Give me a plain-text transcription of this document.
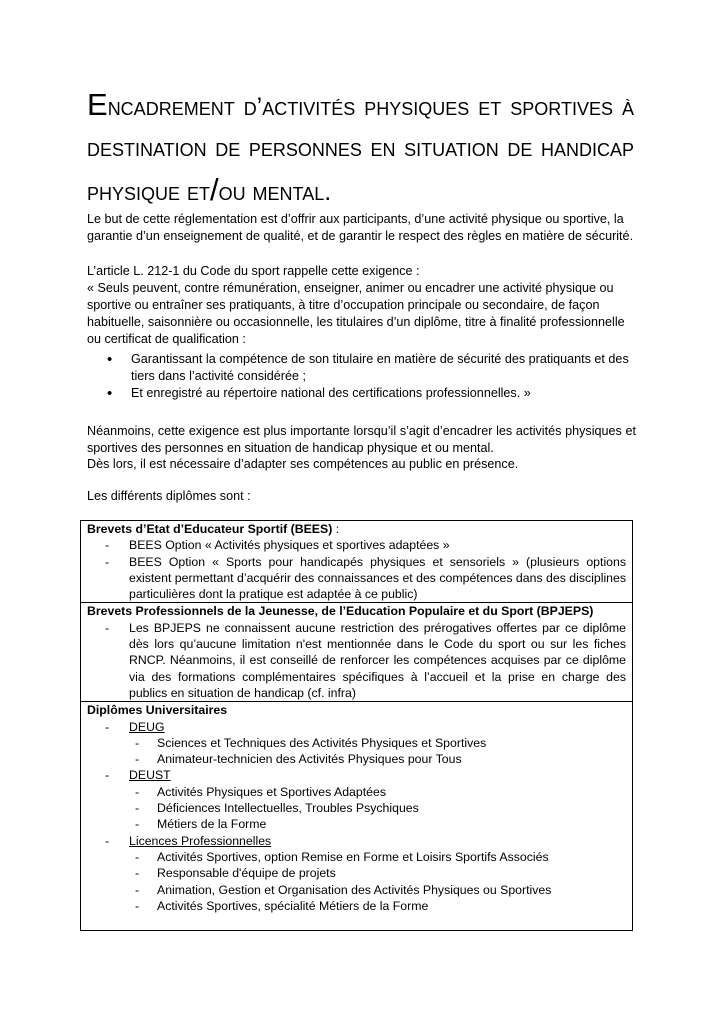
Encadrement d’activités physiques et sportives à destination de personnes en situation de handicap physique et/ou mental.

Le but de cette réglementation est d’offrir aux participants, d’une activité physique ou sportive, la garantie d’un enseignement de qualité, et de garantir le respect des règles en matière de sécurité.

L’article L. 212-1 du Code du sport rappelle cette exigence :

« Seuls peuvent, contre rémunération, enseigner, animer ou encadrer une activité physique ou sportive ou entraîner ses pratiquants, à titre d’occupation principale ou secondaire, de façon habituelle, saisonnière ou occasionnelle, les titulaires d’un diplôme, titre à finalité professionnelle ou certificat de qualification :

• Garantissant la compétence de son titulaire en matière de sécurité des pratiquants et des tiers dans l’activité considérée ;
• Et enregistré au répertoire national des certifications professionnelles. »

Néanmoins, cette exigence est plus importante lorsqu’il s’agit d’encadrer les activités physiques et sportives des personnes en situation de handicap physique et ou mental.

Dès lors, il est nécessaire d’adapter ses compétences au public en présence.

Les différents diplômes sont :

Brevets d’Etat d’Educateur Sportif (BEES) :
- BEES Option « Activités physiques et sportives adaptées »
- BEES Option « Sports pour handicapés physiques et sensoriels » (plusieurs options existent permettant d’acquérir des connaissances et des compétences dans des disciplines particulières dont la pratique est adaptée à ce public)
Brevets Professionnels de la Jeunesse, de l’Education Populaire et du Sport (BPJEPS)
- Les BPJEPS ne connaissent aucune restriction des prérogatives offertes par ce diplôme dès lors qu’aucune limitation n'est mentionnée dans le Code du sport ou sur les fiches RNCP. Néanmoins, il est conseillé de renforcer les compétences acquises par ce diplôme via des formations complémentaires spécifiques à l’accueil et la prise en charge des publics en situation de handicap (cf. infra)
Diplômes Universitaires
- DEUG
- Sciences et Techniques des Activités Physiques et Sportives
- Animateur-technicien des Activités Physiques pour Tous
- DEUST
- Activités Physiques et Sportives Adaptées
- Déficiences Intellectuelles, Troubles Psychiques
- Métiers de la Forme
- Licences Professionnelles
- Activités Sportives, option Remise en Forme et Loisirs Sportifs Associés
- Responsable d'équipe de projets
- Animation, Gestion et Organisation des Activités Physiques ou Sportives
- Activités Sportives, spécialité Métiers de la Forme
